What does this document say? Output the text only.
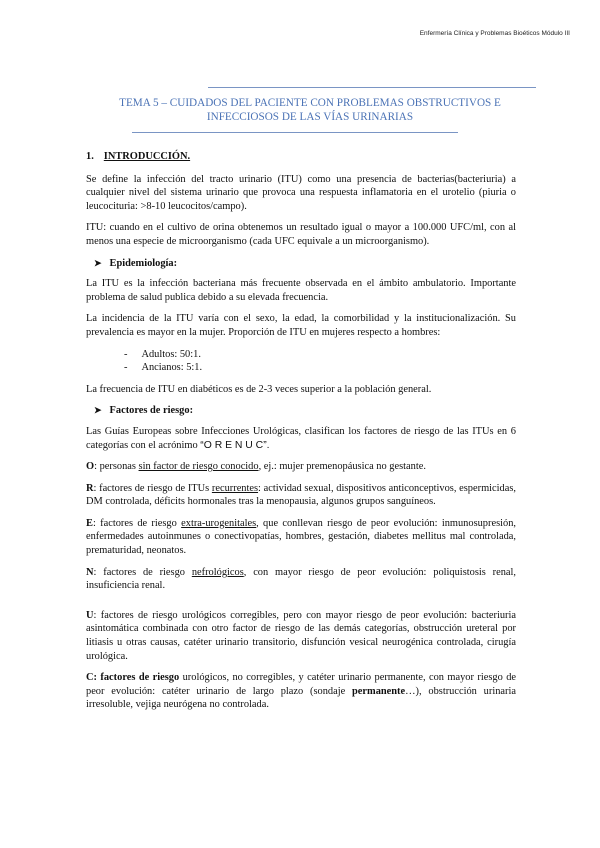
Enfermería Clínica y Problemas Bioéticos Módulo III
TEMA 5 – CUIDADOS DEL PACIENTE CON PROBLEMAS OBSTRUCTIVOS E INFECCIOSOS DE LAS VÍAS URINARIAS
1. INTRODUCCIÓN.

Se define la infección del tracto urinario (ITU) como una presencia de bacterias(bacteriuria) a cualquier nivel del sistema urinario que provoca una respuesta inflamatoria en el urotelio (piuria o leucocituria: >8-10 leucocitos/campo).

ITU: cuando en el cultivo de orina obtenemos un resultado igual o mayor a 100.000 UFC/ml, con al menos una especie de microorganismo (cada UFC equivale a un microorganismo).

➤ Epidemiología:

La ITU es la infección bacteriana más frecuente observada en el ámbito ambulatorio. Importante problema de salud publica debido a su elevada frecuencia.

La incidencia de la ITU varía con el sexo, la edad, la comorbilidad y la institucionalización. Su prevalencia es mayor en la mujer. Proporción de ITU en mujeres respecto a hombres:

- Adultos: 50:1.
- Ancianos: 5:1.

La frecuencia de ITU en diabéticos es de 2-3 veces superior a la población general.

➤ Factores de riesgo:

Las Guías Europeas sobre Infecciones Urológicas, clasifican los factores de riesgo de las ITUs en 6 categorías con el acrónimo “O R E N U C”.

O: personas sin factor de riesgo conocido, ej.: mujer premenopáusica no gestante.

R: factores de riesgo de ITUs recurrentes: actividad sexual, dispositivos anticonceptivos, espermicidas, DM controlada, déficits hormonales tras la menopausia, algunos grupos sanguíneos.

E: factores de riesgo extra-urogenitales, que conllevan riesgo de peor evolución: inmunosupresión, enfermedades autoinmunes o conectivopatías, hombres, gestación, diabetes mellitus mal controlada, prematuridad, neonatos.

N: factores de riesgo nefrológicos, con mayor riesgo de peor evolución: poliquistosis renal, insuficiencia renal.

U: factores de riesgo urológicos corregibles, pero con mayor riesgo de peor evolución: bacteriuria asintomática combinada con otro factor de riesgo de las demás categorías, obstrucción ureteral por litiasis u otras causas, catéter urinario transitorio, disfunción vesical neurogénica controlada, cirugía urológica.

C: factores de riesgo urológicos, no corregibles, y catéter urinario permanente, con mayor riesgo de peor evolución: catéter urinario de largo plazo (sondaje permanente…), obstrucción urinaria irresoluble, vejiga neurógena no controlada.
